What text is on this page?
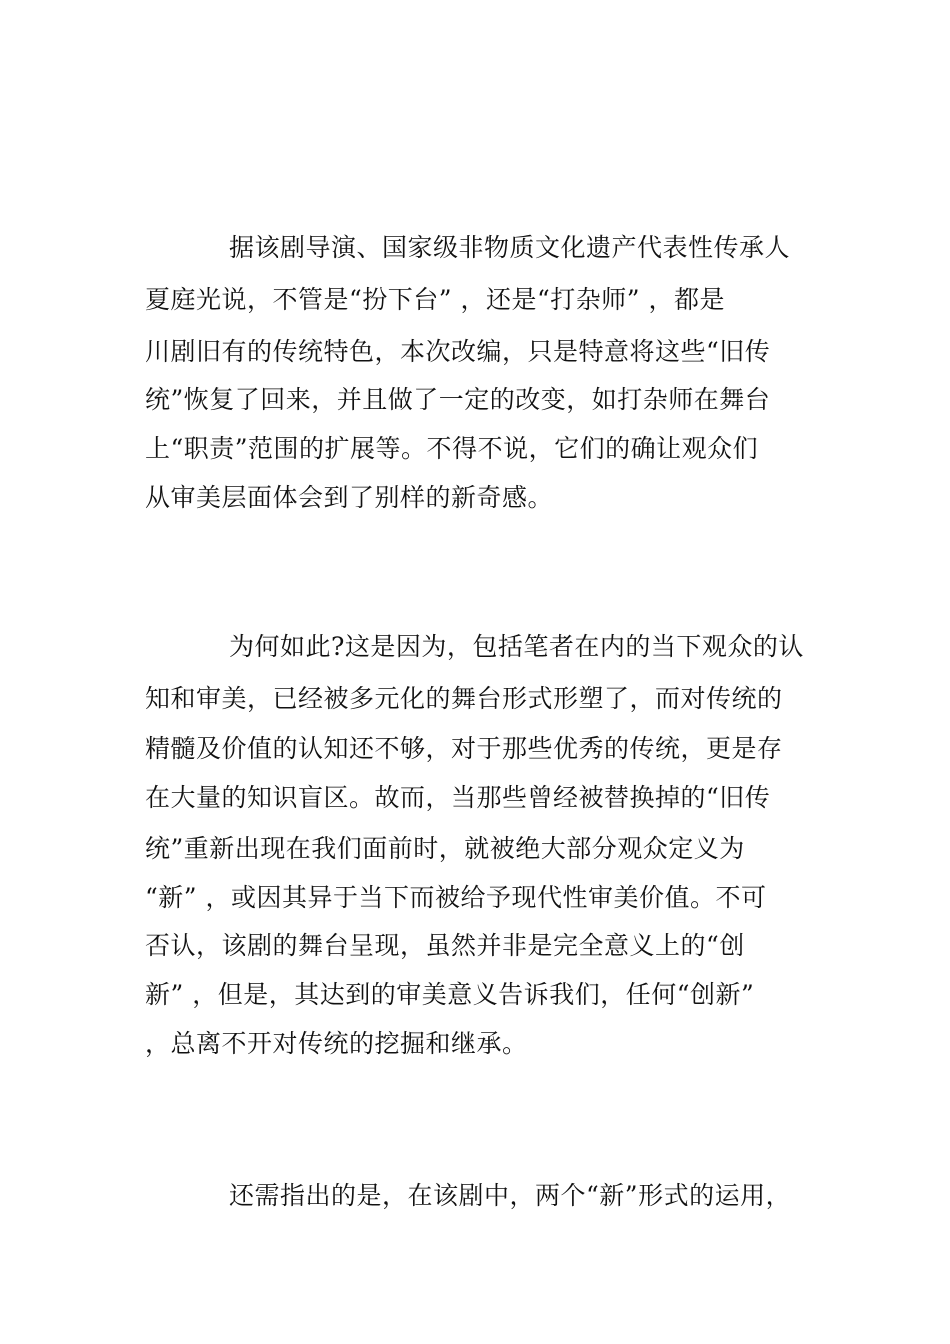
据该剧导演、国家级非物质文化遗产代表性传承人
夏庭光说，不管是“扮下台” ，还是“打杂师” ，都是
川剧旧有的传统特色，本次改编，只是特意将这些“旧传
统”恢复了回来，并且做了一定的改变，如打杂师在舞台
上“职责”范围的扩展等。不得不说，它们的确让观众们
从审美层面体会到了别样的新奇感。
为何如此?这是因为，包括笔者在内的当下观众的认
知和审美，已经被多元化的舞台形式形塑了，而对传统的
精髓及价值的认知还不够，对于那些优秀的传统，更是存
在大量的知识盲区。故而，当那些曾经被替换掉的“旧传
统”重新出现在我们面前时，就被绝大部分观众定义为
“新” ，或因其异于当下而被给予现代性审美价值。不可
否认，该剧的舞台呈现，虽然并非是完全意义上的“创
新” ，但是，其达到的审美意义告诉我们，任何“创新”
，总离不开对传统的挖掘和继承。
还需指出的是，在该剧中，两个“新”形式的运用，
